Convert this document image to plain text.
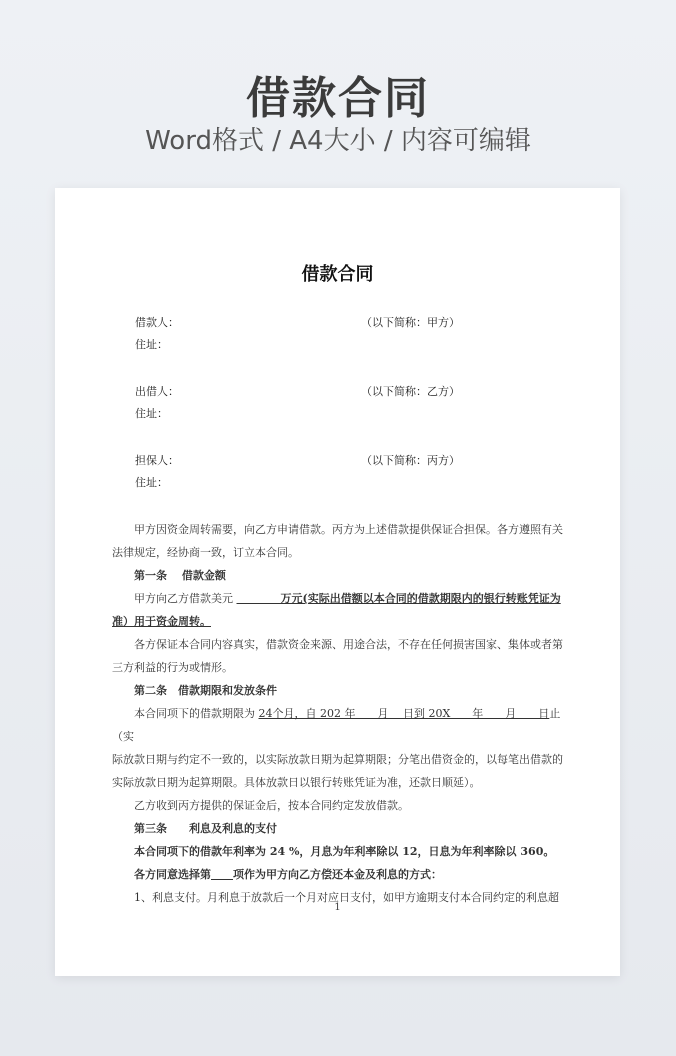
借款合同
Word格式 / A4大小 / 内容可编辑
借款合同
借款人：	（以下简称：甲方）
住址：
出借人：	（以下简称：乙方）
住址：
担保人：	（以下简称：丙方）
住址：

甲方因资金周转需要，向乙方申请借款。丙方为上述借款提供保证合担保。各方遵照有关

法律规定，经协商一致，订立本合同。

第一条　 借款金额

甲方向乙方借款美元 　　　　万元(实际出借额以本合同的借款期限内的银行转账凭证为

准）用于资金周转。

各方保证本合同内容真实，借款资金来源、用途合法，不存在任何损害国家、集体或者第

三方利益的行为或情形。

第二条　借款期限和发放条件

本合同项下的借款期限为 24个月，自 202 年　　月　 日到 20X　　年　　月　　日止（实

际放款日期与约定不一致的，以实际放款日期为起算期限；分笔出借资金的，以每笔出借款的

实际放款日期为起算期限。具体放款日以银行转账凭证为准，还款日顺延）。

乙方收到丙方提供的保证金后，按本合同约定发放借款。

第三条　　利息及利息的支付

本合同项下的借款年利率为 24 %，月息为年利率除以 12，日息为年利率除以 360。

各方同意选择第　　 项作为甲方向乙方偿还本金及利息的方式：

1、利息支付。月利息于放款后一个月对应日支付，如甲方逾期支付本合同约定的利息超

1
